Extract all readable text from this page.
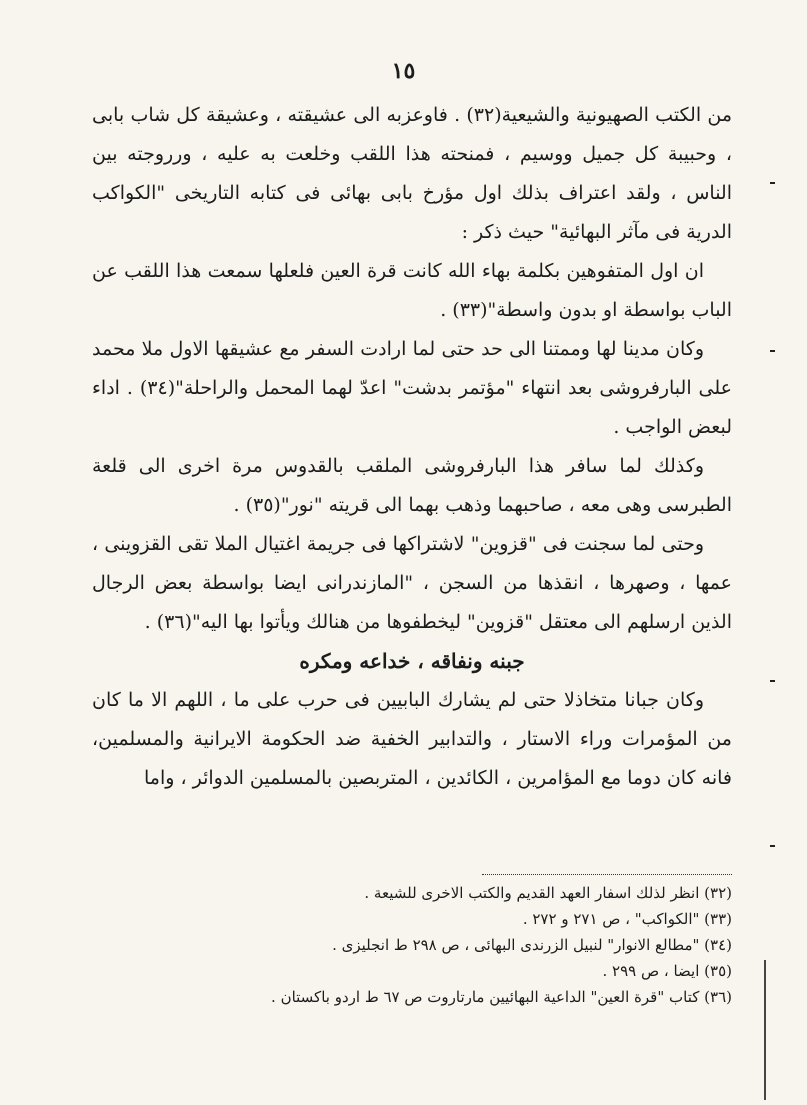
١٥

من الكتب الصهيونية والشيعية(٣٢) . فاوعزبه الى عشيقته ، وعشيقة كل شاب بابى ، وحبيبة كل جميل ووسيم ، فمنحته هذا اللقب وخلعت به عليه ، ورروجته بين الناس ، ولقد اعتراف بذلك اول مؤرخ بابى بهائى فى كتابه التاريخى "الكواكب الدرية فى مآثر البهائية" حيث ذكر :

ان اول المتفوهين بكلمة بهاء الله كانت قرة العين فلعلها سمعت هذا اللقب عن الباب بواسطة او بدون واسطة"(٣٣) .

وكان مدينا لها وممتنا الى حد حتى لما ارادت السفر مع عشيقها الاول ملا محمد على البارفروشى بعد انتهاء "مؤتمر بدشت" اعدّ لهما المحمل والراحلة"(٣٤) . اداء لبعض الواجب .

وكذلك لما سافر هذا البارفروشى الملقب بالقدوس مرة اخرى الى قلعة الطبرسى وهى معه ، صاحبهما وذهب بهما الى قريته "نور"(٣٥) .

وحتى لما سجنت فى "قزوين" لاشتراكها فى جريمة اغتيال الملا تقى القزوينى ، عمها ، وصهرها ، انقذها من السجن ، "المازندرانى ايضا بواسطة بعض الرجال الذين ارسلهم الى معتقل "قزوين" ليخطفوها من هنالك ويأتوا بها اليه"(٣٦) .

جبنه ونفاقه ، خداعه ومكره

وكان جبانا متخاذلا حتى لم يشارك البابيين فى حرب على ما ، اللهم الا ما كان من المؤمرات وراء الاستار ، والتدابير الخفية ضد الحكومة الايرانية والمسلمين، فانه كان دوما مع المؤامرين ، الكائدين ، المتربصين بالمسلمين الدوائر ، واما

(٣٢) انظر لذلك اسفار العهد القديم والكتب الاخرى للشيعة .

(٣٣) "الكواكب" ، ص ٢٧١ و ٢٧٢ .

(٣٤) "مطالع الانوار" لنبيل الزرندى البهائى ، ص ٢٩٨ ط انجليزى .

(٣٥) ايضا ، ص ٢٩٩ .

(٣٦) كتاب "قرة العين" الداعية البهائيين مارتاروت ص ٦٧ ط اردو باكستان .
